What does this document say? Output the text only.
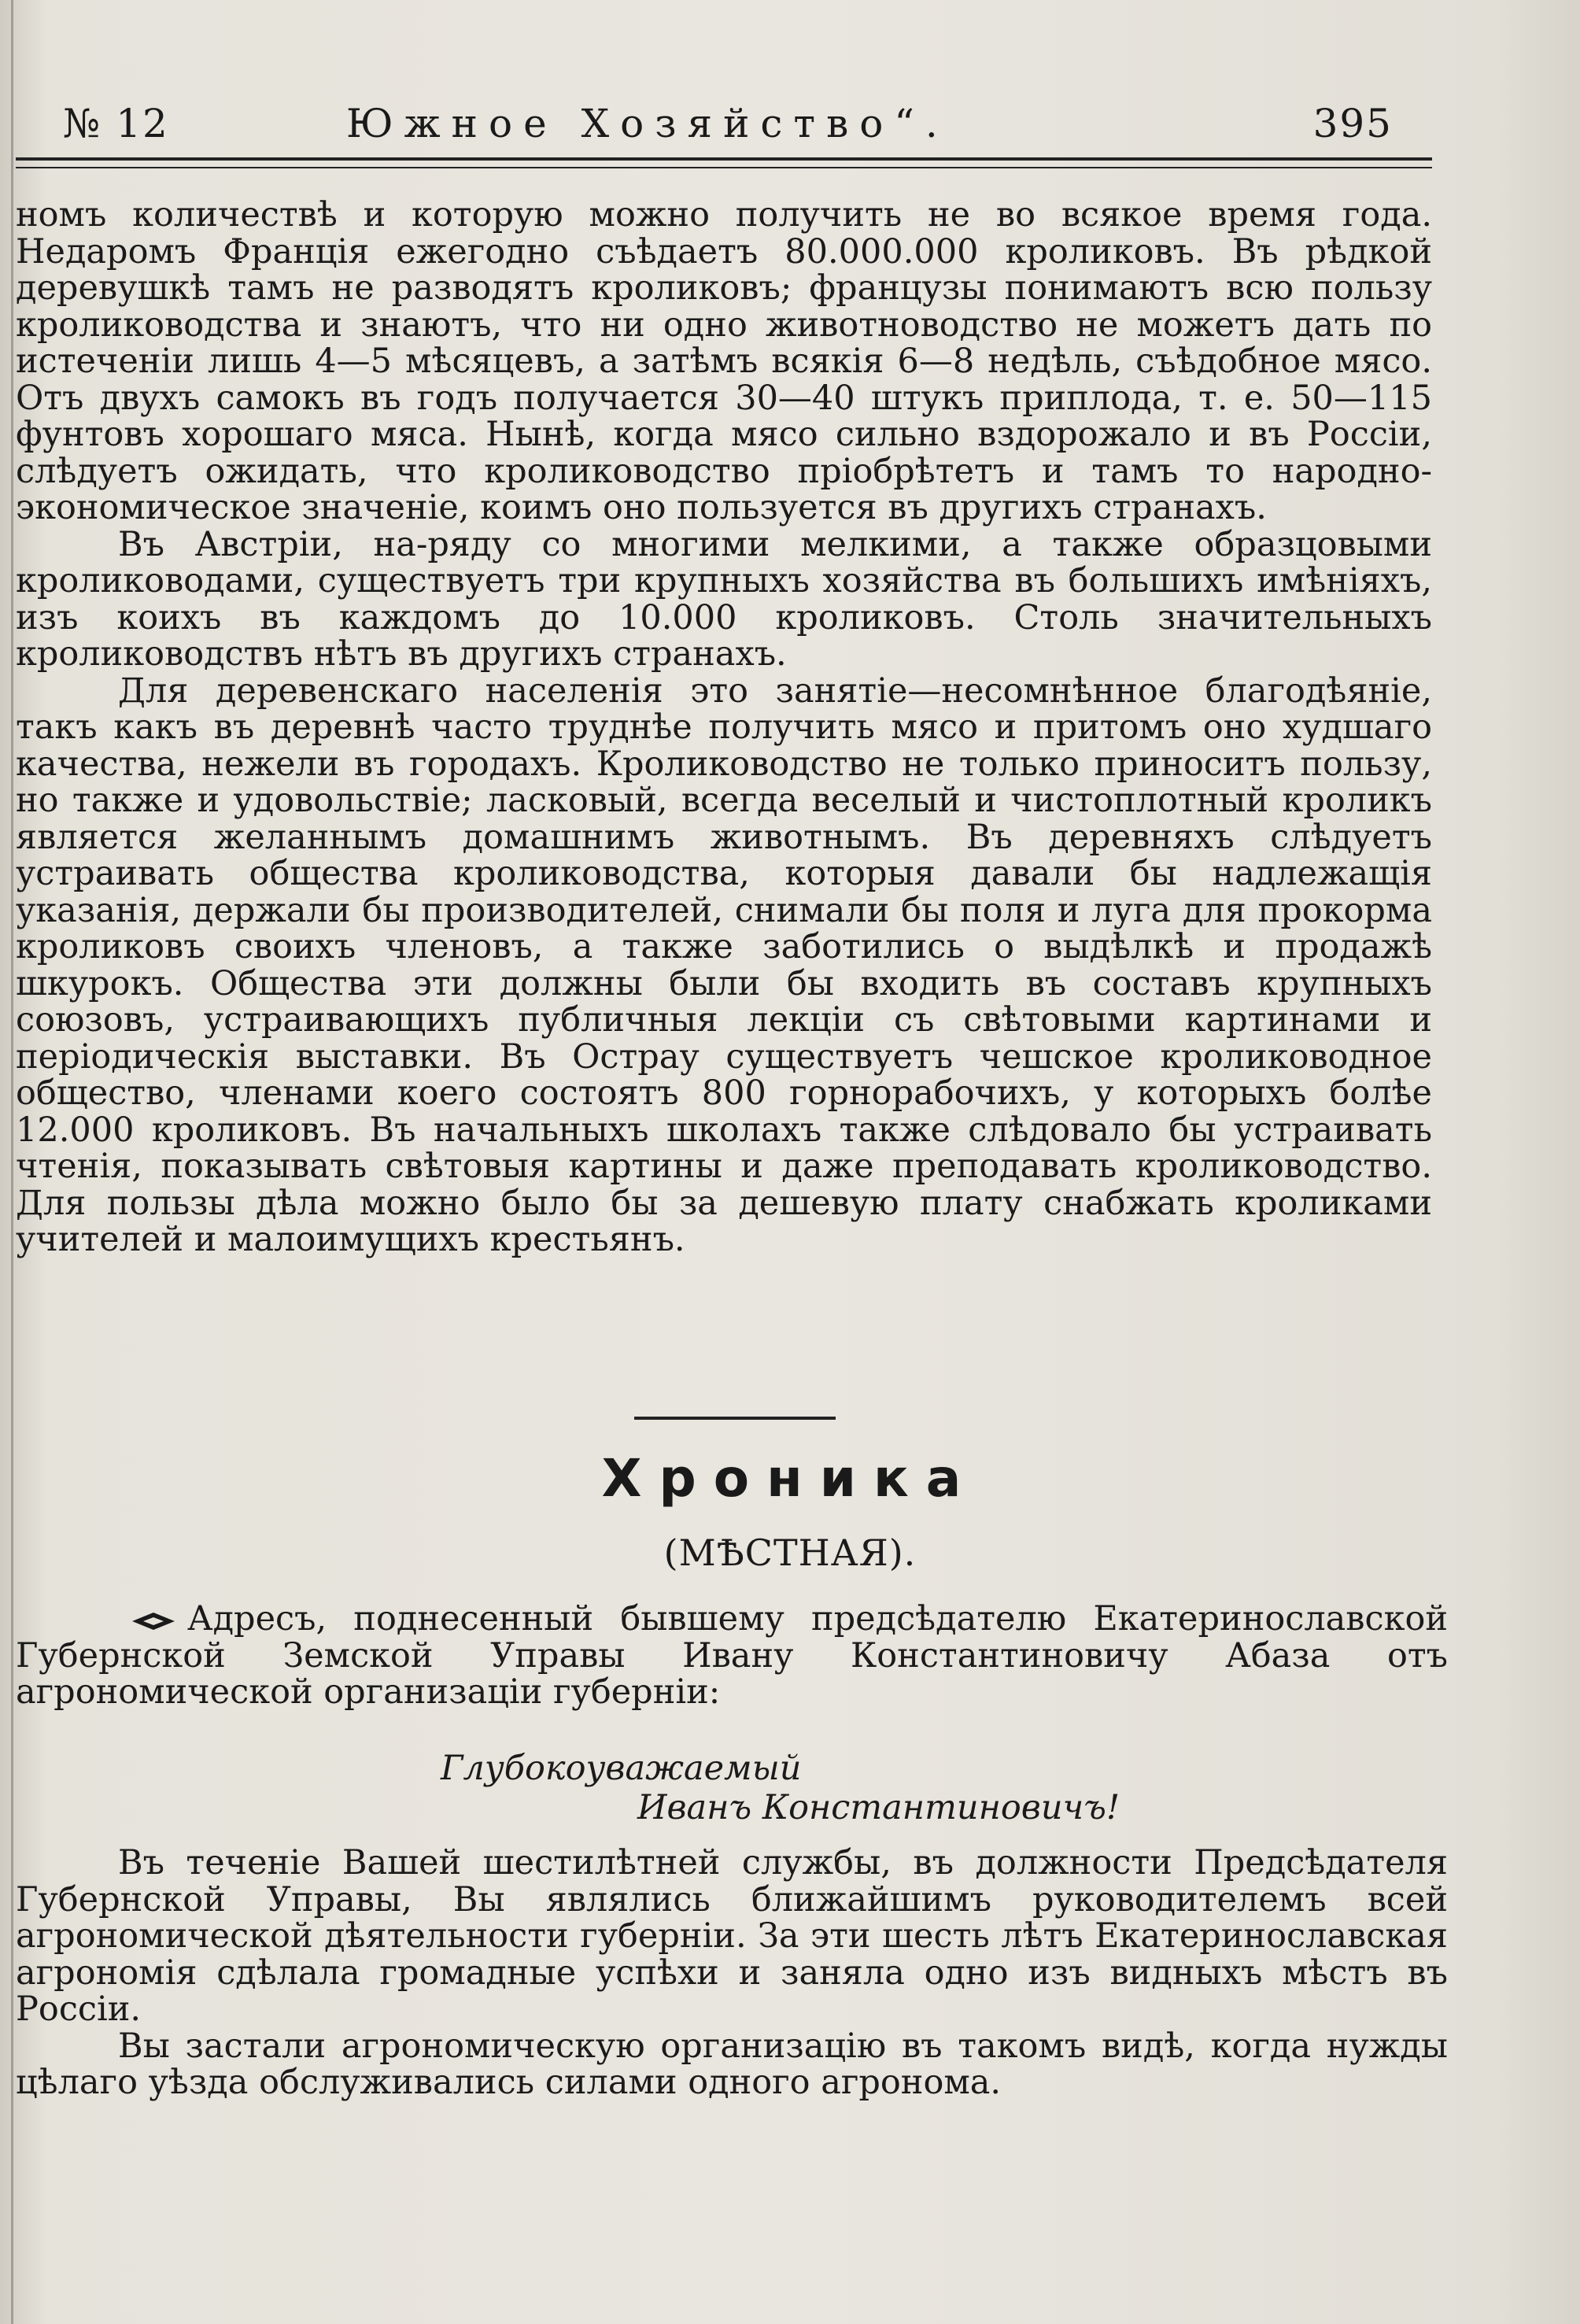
№ 12	Южное Хозяйство“.	395

номъ количествѣ и которую можно получить не во всякое время года. Недаромъ Францiя ежегодно съѣдаетъ 80.000.000 кроликовъ. Въ рѣдкой деревушкѣ тамъ не разводятъ кроликовъ; французы понимаютъ всю пользу кролиководства и знаютъ, что ни одно животноводство не можетъ дать по истеченiи лишь 4—5 мѣсяцевъ, а затѣмъ всякiя 6—8 недѣль, съѣдобное мясо. Отъ двухъ самокъ въ годъ получается 30—40 штукъ приплода, т. е. 50—115 фунтовъ хорошаго мяса. Нынѣ, когда мясо сильно вздорожало и въ Россiи, слѣдуетъ ожидать, что кролиководство прiобрѣтетъ и тамъ то народно-экономическое значенiе, коимъ оно пользуется въ другихъ странахъ.

Въ Австрiи, на-ряду со многими мелкими, а также образцовыми кролиководами, существуетъ три крупныхъ хозяйства въ большихъ имѣнiяхъ, изъ коихъ въ каждомъ до 10.000 кроликовъ. Столь значительныхъ кролиководствъ нѣтъ въ другихъ странахъ.

Для деревенскаго населенiя это занятiе—несомнѣнное благодѣянiе, такъ какъ въ деревнѣ часто труднѣе получить мясо и притомъ оно худшаго качества, нежели въ городахъ. Кролиководство не только приноситъ пользу, но также и удовольствiе; ласковый, всегда веселый и чистоплотный кроликъ является желаннымъ домашнимъ животнымъ. Въ деревняхъ слѣдуетъ устраивать общества кролиководства, которыя давали бы надлежащiя указанiя, держали бы производителей, снимали бы поля и луга для прокорма кроликовъ своихъ членовъ, а также заботились о выдѣлкѣ и продажѣ шкурокъ. Общества эти должны были бы входить въ составъ крупныхъ союзовъ, устраивающихъ публичныя лекцiи съ свѣтовыми картинами и перiодическiя выставки. Въ Острау существуетъ чешское кролиководное общество, членами коего состоятъ 800 горнорабочихъ, у которыхъ болѣе 12.000 кроликовъ. Въ начальныхъ школахъ также слѣдовало бы устраивать чтенiя, показывать свѣтовыя картины и даже преподавать кролиководство. Для пользы дѣла можно было бы за дешевую плату снабжать кроликами учителей и малоимущихъ крестьянъ.

Хроника
(МѢСТНАЯ).

Адресъ, поднесенный бывшему предсѣдателю Екатеринославской Губернской Земской Управы Ивану Константиновичу Абаза отъ агрономической организацiи губернiи:

Глубокоуважаемый
Иванъ Константиновичъ!

Въ теченiе Вашей шестилѣтней службы, въ должности Предсѣдателя Губернской Управы, Вы являлись ближайшимъ руководителемъ всей агрономической дѣятельности губернiи. За эти шесть лѣтъ Екатеринославская агрономiя сдѣлала громадные успѣхи и заняла одно изъ видныхъ мѣстъ въ Россiи.

Вы застали агрономическую организацiю въ такомъ видѣ, когда нужды цѣлаго уѣзда обслуживались силами одного агронома.
